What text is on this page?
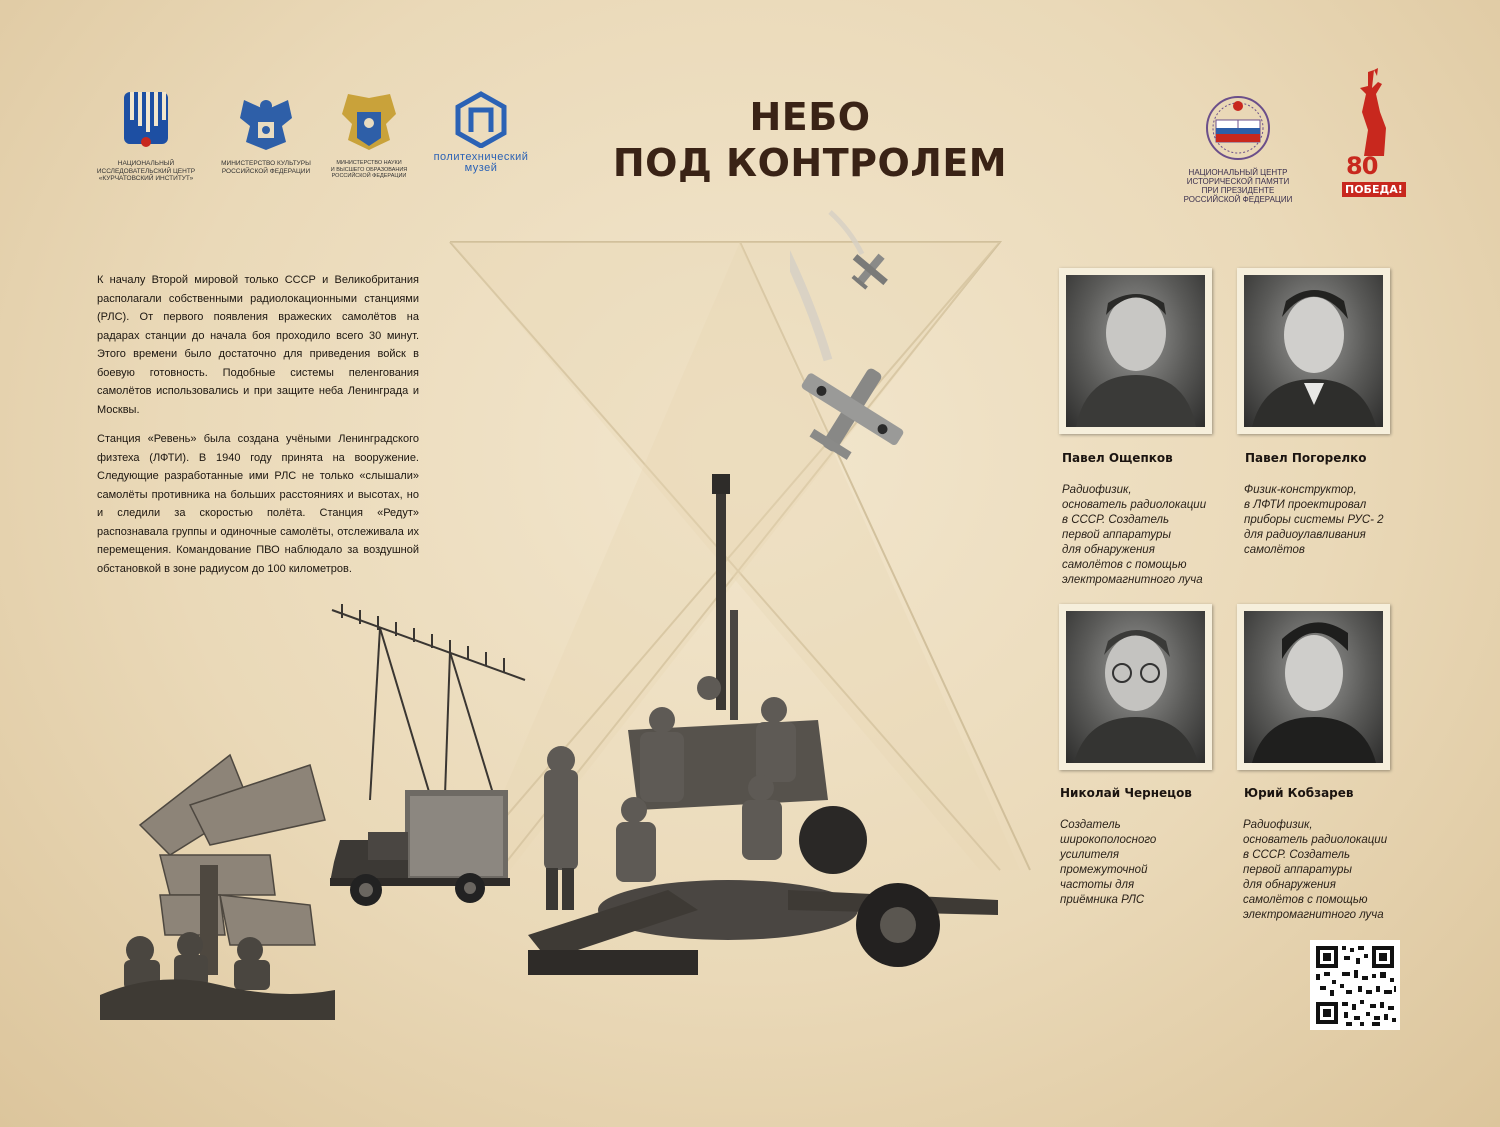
НАЦИОНАЛЬНЫЙ
ИССЛЕДОВАТЕЛЬСКИЙ ЦЕНТР
«КУРЧАТОВСКИЙ ИНСТИТУТ»
МИНИСТЕРСТВО КУЛЬТУРЫ
РОССИЙСКОЙ ФЕДЕРАЦИИ
МИНИСТЕРСТВО НАУКИ
И ВЫСШЕГО ОБРАЗОВАНИЯ
РОССИЙСКОЙ ФЕДЕРАЦИИ
политехнический
музей
НЕБО
ПОД КОНТРОЛЕМ	НАЦИОНАЛЬНЫЙ ЦЕНТР
ИСТОРИЧЕСКОЙ ПАМЯТИ
ПРИ ПРЕЗИДЕНТЕ
РОССИЙСКОЙ ФЕДЕРАЦИИ
80
ПОБЕДА!

К началу Второй мировой только СССР и Великобритания располагали собственными радиолокационными станциями (РЛС). От первого появления вражеских самолётов на радарах станции до начала боя проходило всего 30 минут. Этого времени было достаточно для приведения войск в боевую готовность. Подобные системы пеленгования самолётов использовались и при защите неба Ленинграда и Москвы.

Станция «Ревень» была создана учёными Ленинградского физтеха (ЛФТИ). В 1940 году принята на вооружение. Следующие разработанные ими РЛС не только «слышали» самолёты противника на больших расстояниях и высотах, но и следили за скоростью полёта. Станция «Редут» распознавала группы и одиночные самолёты, отслеживала их перемещения. Командование ПВО наблюдало за воздушной обстановкой в зоне радиусом до 100 километров.

Павел Ощепков
Радиофизик,
основатель радиолокации
в СССР. Создатель
первой аппаратуры
для обнаружения
самолётов с помощью
электромагнитного луча
Павел Погорелко
Физик-конструктор,
в ЛФТИ проектировал
приборы системы РУС- 2
для радиоулавливания
самолётов
Николай Чернецов
Создатель
широкополосного
усилителя
промежуточной
частоты для
приёмника РЛС
Юрий Кобзарев
Радиофизик,
основатель радиолокации
в СССР. Создатель
первой аппаратуры
для обнаружения
самолётов с помощью
электромагнитного луча
